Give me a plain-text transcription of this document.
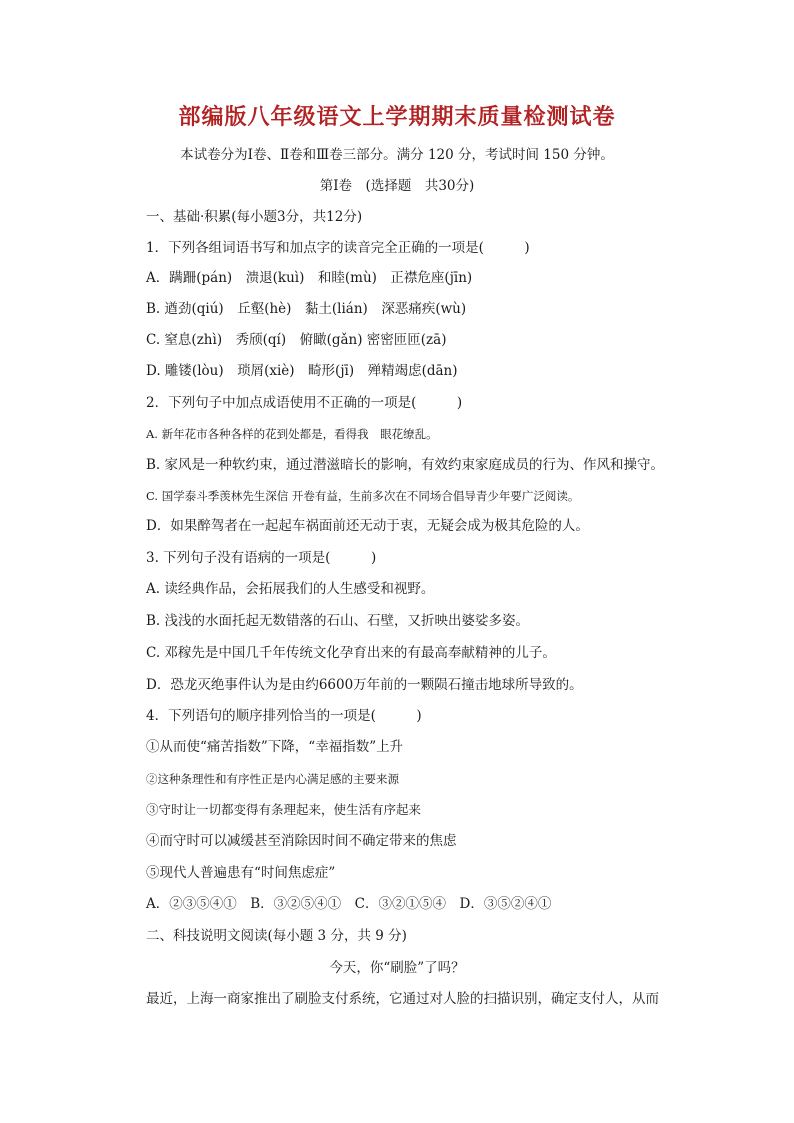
部编版八年级语文上学期期末质量检测试卷
本试卷分为Ⅰ卷、Ⅱ卷和Ⅲ卷三部分。满分 120 分，考试时间 150 分钟。
第Ⅰ卷　(选择题　共30分)
一、基础·积累(每小题3分，共12分)
1．下列各组词语书写和加点字的读音完全正确的一项是(　　　)
A．蹒跚(pán)　溃退(kuì)　和睦(mù)　正襟危座(jīn)
B. 遒劲(qiú)　丘壑(hè)　黏土(lián)　深恶痛疾(wù)
C. 窒息(zhì)　秀颀(qí)　俯瞰(gǎn) 密密匝匝(zā)
D. 雕镂(lòu)　琐屑(xiè)　畸形(jī)　殚精竭虑(dān)
2．下列句子中加点成语使用不正确的一项是(　　　)
A. 新年花市各种各样的花到处都是，看得我　眼花缭乱。
B. 家风是一种软约束，通过潜滋暗长的影响，有效约束家庭成员的行为、作风和操守。
C. 国学泰斗季羡林先生深信 开卷有益，生前多次在不同场合倡导青少年要广泛阅读。
D．如果醉驾者在一起起车祸面前还无动于衷，无疑会成为极其危险的人。
3. 下列句子没有语病的一项是(　　　)
A. 读经典作品，会拓展我们的人生感受和视野。
B. 浅浅的水面托起无数错落的石山、石壁，又折映出婆娑多姿。
C. 邓稼先是中国几千年传统文化孕育出来的有最高奉献精神的儿子。
D．恐龙灭绝事件认为是由约6600万年前的一颗陨石撞击地球所导致的。
4．下列语句的顺序排列恰当的一项是(　　　)
①从而使“痛苦指数”下降，“幸福指数”上升
②这种条理性和有序性正是内心满足感的主要来源
③守时让一切都变得有条理起来，使生活有序起来
④而守时可以减缓甚至消除因时间不确定带来的焦虑
⑤现代人普遍患有“时间焦虑症”
A．②③⑤④①　B．③②⑤④①　C．③②①⑤④　D．③⑤②④①
二、科技说明文阅读(每小题 3 分，共 9 分)
今天，你“刷脸”了吗？
最近，上海一商家推出了刷脸支付系统，它通过对人脸的扫描识别，确定支付人，从而
